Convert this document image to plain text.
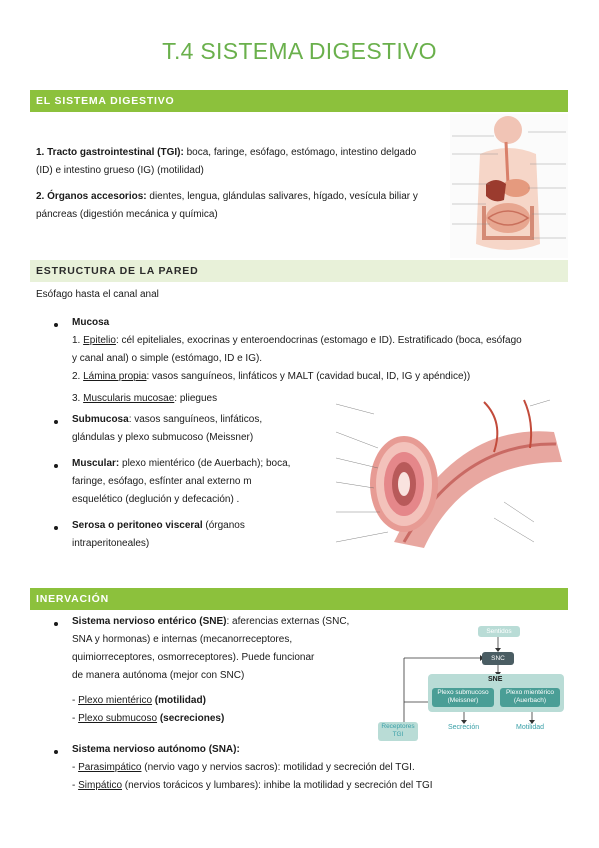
T.4 SISTEMA DIGESTIVO
EL SISTEMA DIGESTIVO
1. Tracto gastrointestinal (TGI): boca, faringe, esófago, estómago, intestino delgado
(ID) e intestino grueso (IG) (motilidad)
2. Órganos accesorios: dientes, lengua, glándulas salivares, hígado, vesícula biliar y
páncreas (digestión mecánica y química)
ESTRUCTURA DE LA PARED
Esófago hasta el canal anal
Mucosa
1. Epitelio: cél epiteliales, exocrinas y enteroendocrinas (estomago e ID). Estratificado (boca, esófago
y canal anal) o simple (estómago, ID e IG).
2. Lámina propia: vasos sanguíneos, linfáticos y MALT (cavidad bucal, ID, IG y apéndice))
3. Muscularis mucosae: pliegues
Submucosa: vasos sanguíneos, linfáticos,
glándulas y plexo submucoso (Meissner)
Muscular: plexo mientérico (de Auerbach); boca,
faringe, esófago, esfínter anal externo m
esquelético (deglución y defecación) .
Serosa o peritoneo visceral (órganos
intraperitoneales)
INERVACIÓN
Sistema nervioso entérico (SNE): aferencias externas (SNC,
SNA y hormonas) e internas (mecanorreceptores,
quimiorreceptores, osmorreceptores). Puede funcionar
de manera autónoma (mejor con SNC)
- Plexo mientérico (motilidad)
- Plexo submucoso (secreciones)
Sistema nervioso autónomo (SNA):
- Parasimpático (nervio vago y nervios sacros): motilidad y secreción del TGI.
- Simpático (nervios torácicos y lumbares): inhibe la motilidad y secreción del TGI
Sentidos
SNC
SNE
Plexo submucoso (Meissner)
Plexo mientérico (Auerbach)
Receptores TGI
Secreción	Motilidad
